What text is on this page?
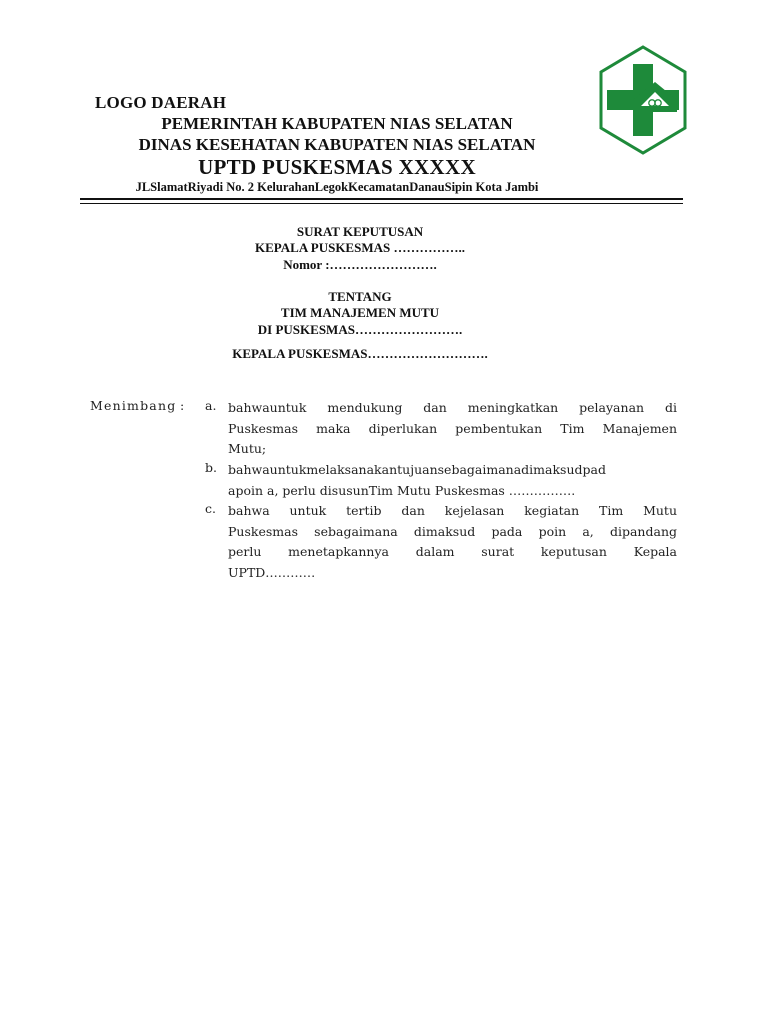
LOGO DAERAH
PEMERINTAH KABUPATEN NIAS SELATAN
DINAS KESEHATAN KABUPATEN NIAS SELATAN
UPTD PUSKESMAS XXXXX
JLSlamatRiyadi No. 2 KelurahanLegokKecamatanDanauSipin Kota Jambi
SURAT KEPUTUSAN
KEPALA PUSKESMAS ……………..
Nomor :…………………….
TENTANG
TIM MANAJEMEN MUTU
DI PUSKESMAS…………………….
KEPALA PUSKESMAS……………………….
Menimbang : a. bahwauntuk mendukung dan meningkatkan pelayanan di
Puskesmas maka diperlukan pembentukan Tim Manajemen
Mutu;
b. bahwauntukmelaksanakantujuansebagaimanadimaksudpad
apoin a, perlu disusunTim Mutu Puskesmas …………….
c. bahwa untuk tertib dan kejelasan kegiatan Tim Mutu
Puskesmas sebagaimana dimaksud pada poin a, dipandang
perlu menetapkannya dalam surat keputusan Kepala
UPTD…………
